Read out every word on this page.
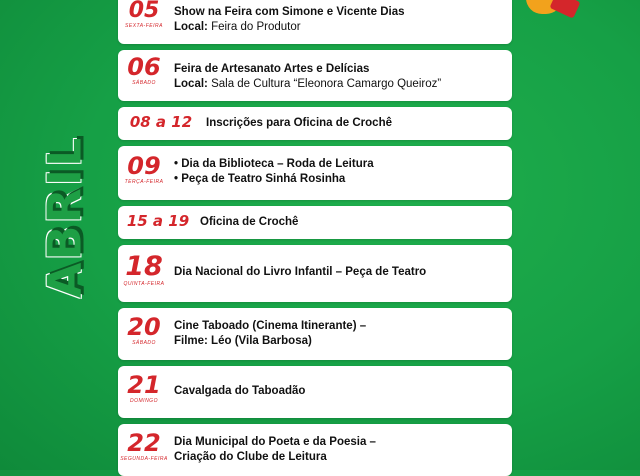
ABRIL
05
SEXTA-FEIRA
Show na Feira com Simone e Vicente Dias
Local: Feira do Produtor
06
SÁBADO
Feira de Artesanato Artes e Delícias
Local: Sala de Cultura “Eleonora Camargo Queiroz”
08 a 12	Inscrições para Oficina de Crochê
09
TERÇA-FEIRA
• Dia da Biblioteca – Roda de Leitura
• Peça de Teatro Sinhá Rosinha
15 a 19 Oficina de Crochê
18
QUINTA-FEIRA
Dia Nacional do Livro Infantil – Peça de Teatro
20
SÁBADO
Cine Taboado (Cinema Itinerante) –
Filme: Léo (Vila Barbosa)
21
DOMINGO
Cavalgada do Taboadão
22
SEGUNDA-FEIRA
Dia Municipal do Poeta e da Poesia –
Criação do Clube de Leitura
